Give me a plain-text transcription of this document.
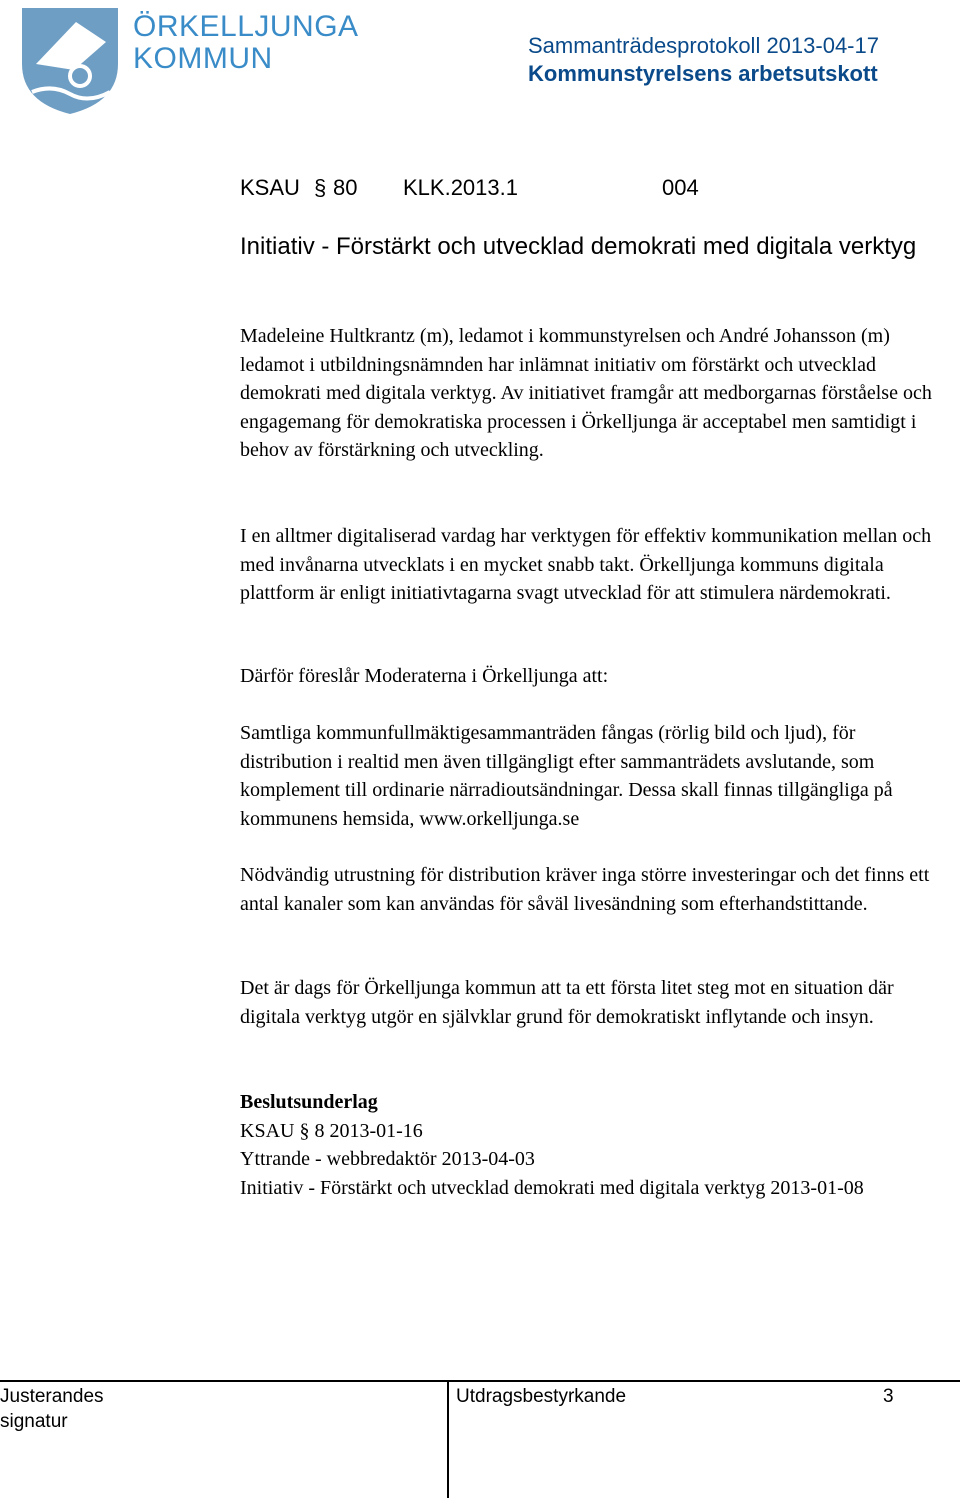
ÖRKELLJUNGA
KOMMUN	Sammanträdesprotokoll 2013-04-17
Kommunstyrelsens arbetsutskott
KSAU § 80 KLK.2013.1	004
Initiativ - Förstärkt och utvecklad demokrati med digitala verktyg

Madeleine Hultkrantz (m), ledamot i kommunstyrelsen och André Johansson (m) ledamot i utbildningsnämnden har inlämnat initiativ om förstärkt och utvecklad demokrati med digitala verktyg. Av initiativet framgår att medborgarnas förståelse och engagemang för demokratiska processen i Örkelljunga är acceptabel men samtidigt i behov av förstärkning och utveckling.

I en alltmer digitaliserad vardag har verktygen för effektiv kommunikation mellan och med invånarna utvecklats i en mycket snabb takt. Örkelljunga kommuns digitala plattform är enligt initiativtagarna svagt utvecklad för att stimulera närdemokrati.

Därför föreslår Moderaterna i Örkelljunga att:

Samtliga kommunfullmäktigesammanträden fångas (rörlig bild och ljud), för distribution i realtid men även tillgängligt efter sammanträdets avslutande, som komplement till ordinarie närradioutsändningar. Dessa skall finnas tillgängliga på kommunens hemsida, www.orkelljunga.se

Nödvändig utrustning för distribution kräver inga större investeringar och det finns ett antal kanaler som kan användas för såväl livesändning som efterhandstittande.

Det är dags för Örkelljunga kommun att ta ett första litet steg mot en situation där digitala verktyg utgör en självklar grund för demokratiskt inflytande och insyn.

Beslutsunderlag

KSAU § 8 2013-01-16

Yttrande - webbredaktör 2013-04-03

Initiativ - Förstärkt och utvecklad demokrati med digitala verktyg 2013-01-08

Justerandes
signatur
Utdragsbestyrkande	3
